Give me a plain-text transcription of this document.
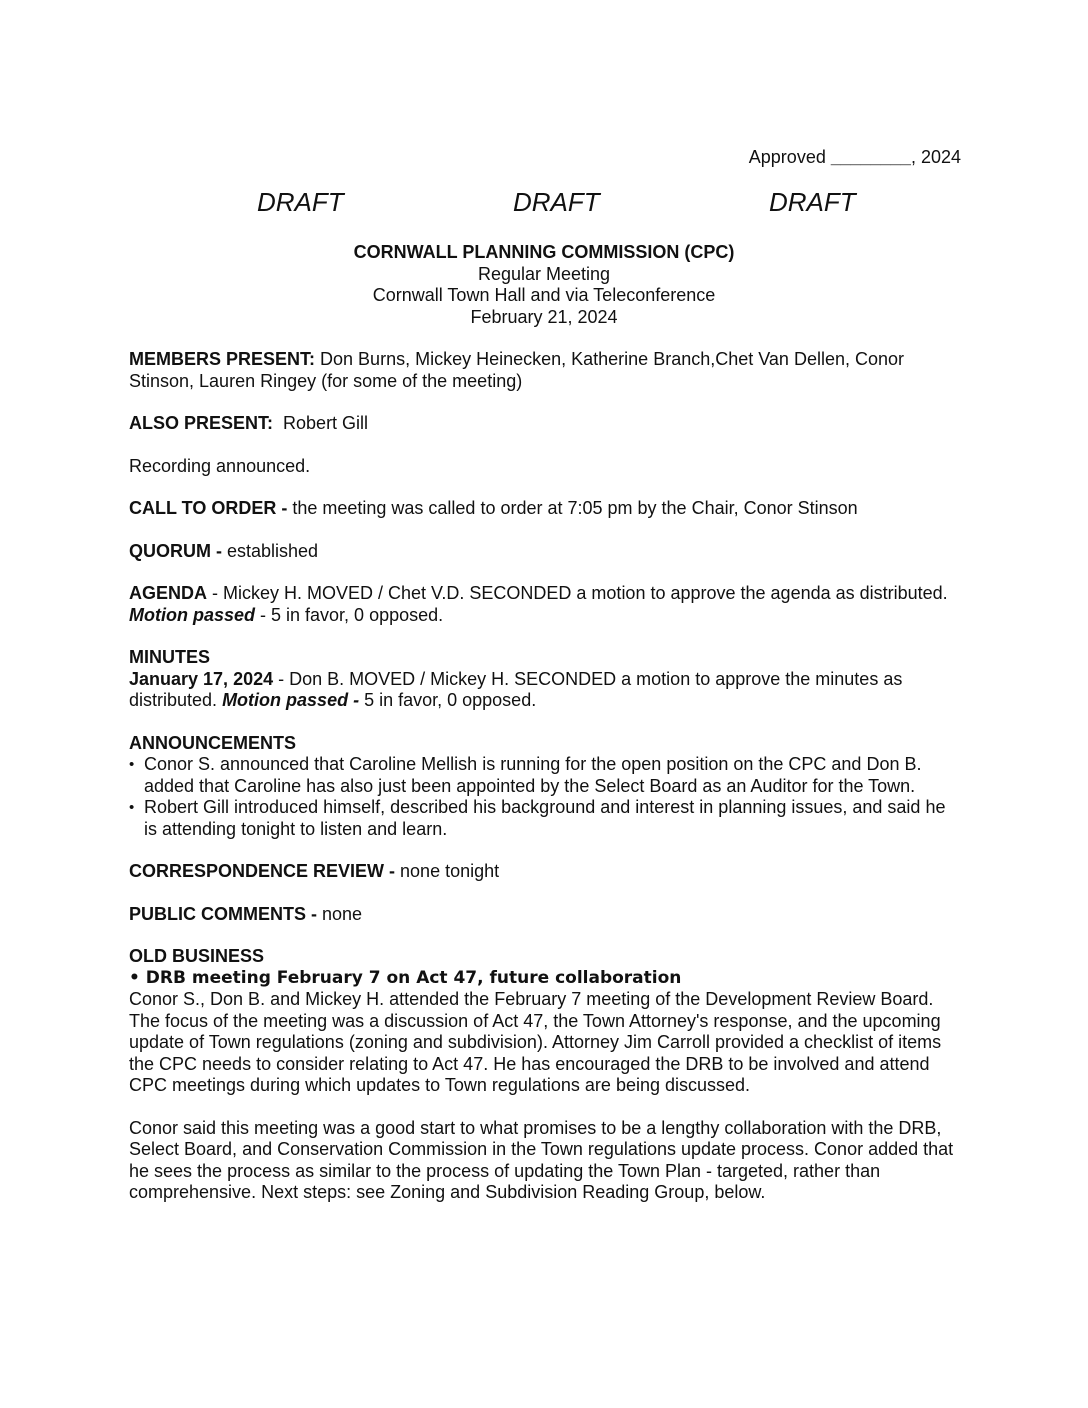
Approved ________, 2024
DRAFT	DRAFT	DRAFT
CORNWALL PLANNING COMMISSION (CPC)
Regular Meeting
Cornwall Town Hall and via Teleconference
February 21, 2024

MEMBERS PRESENT: Don Burns, Mickey Heinecken, Katherine Branch,Chet Van Dellen, Conor Stinson, Lauren Ringey (for some of the meeting)

ALSO PRESENT:  Robert Gill

Recording announced.

CALL TO ORDER - the meeting was called to order at 7:05 pm by the Chair, Conor Stinson

QUORUM - established

AGENDA - Mickey H. MOVED / Chet V.D. SECONDED a motion to approve the agenda as distributed. Motion passed - 5 in favor, 0 opposed.

MINUTES

January 17, 2024 - Don B. MOVED / Mickey H. SECONDED a motion to approve the minutes as distributed. Motion passed - 5 in favor, 0 opposed.

ANNOUNCEMENTS
• Conor S. announced that Caroline Mellish is running for the open position on the CPC and Don B. added that Caroline has also just been appointed by the Select Board as an Auditor for the Town.
• Robert Gill introduced himself, described his background and interest in planning issues, and said he is attending tonight to listen and learn.

CORRESPONDENCE REVIEW - none tonight

PUBLIC COMMENTS - none

OLD BUSINESS
• DRB meeting February 7 on Act 47, future collaboration

Conor S., Don B. and Mickey H. attended the February 7 meeting of the Development Review Board. The focus of the meeting was a discussion of Act 47, the Town Attorney's response, and the upcoming update of Town regulations (zoning and subdivision). Attorney Jim Carroll provided a checklist of items the CPC needs to consider relating to Act 47. He has encouraged the DRB to be involved and attend CPC meetings during which updates to Town regulations are being discussed.

Conor said this meeting was a good start to what promises to be a lengthy collaboration with the DRB, Select Board, and Conservation Commission in the Town regulations update process. Conor added that he sees the process as similar to the process of updating the Town Plan - targeted, rather than comprehensive. Next steps: see Zoning and Subdivision Reading Group, below.
